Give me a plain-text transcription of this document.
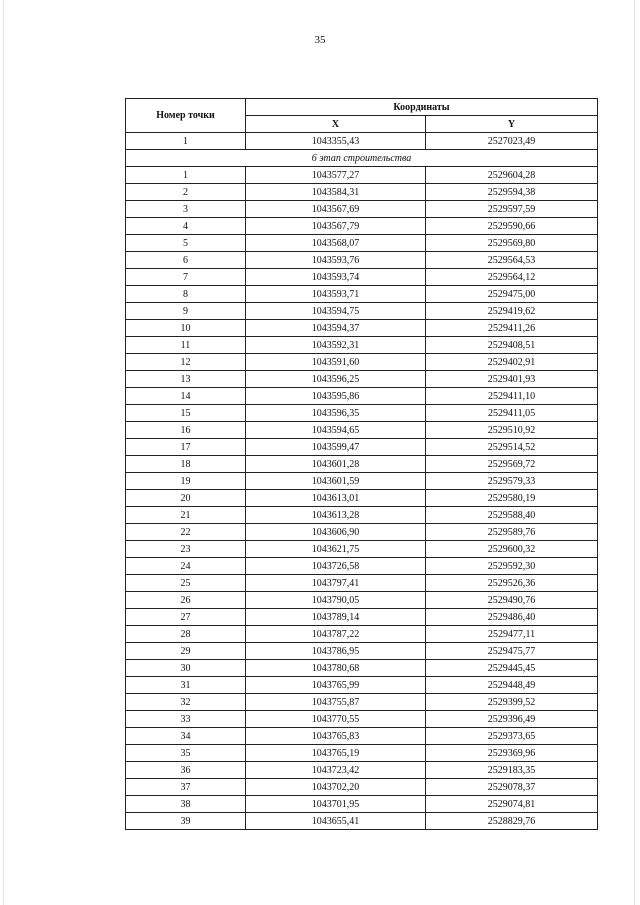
35
Номер точки	Координаты	
	X	Y
1	1043355,43	2527023,49
6 этап строительства		
1	1043577,27	2529604,28
2	1043584,31	2529594,38
3	1043567,69	2529597,59
4	1043567,79	2529590,66
5	1043568,07	2529569,80
6	1043593,76	2529564,53
7	1043593,74	2529564,12
8	1043593,71	2529475,00
9	1043594,75	2529419,62
10	1043594,37	2529411,26
11	1043592,31	2529408,51
12	1043591,60	2529402,91
13	1043596,25	2529401,93
14	1043595,86	2529411,10
15	1043596,35	2529411,05
16	1043594,65	2529510,92
17	1043599,47	2529514,52
18	1043601,28	2529569,72
19	1043601,59	2529579,33
20	1043613,01	2529580,19
21	1043613,28	2529588,40
22	1043606,90	2529589,76
23	1043621,75	2529600,32
24	1043726,58	2529592,30
25	1043797,41	2529526,36
26	1043790,05	2529490,76
27	1043789,14	2529486,40
28	1043787,22	2529477,11
29	1043786,95	2529475,77
30	1043780,68	2529445,45
31	1043765,99	2529448,49
32	1043755,87	2529399,52
33	1043770,55	2529396,49
34	1043765,83	2529373,65
35	1043765,19	2529369,96
36	1043723,42	2529183,35
37	1043702,20	2529078,37
38	1043701,95	2529074,81
39	1043655,41	2528829,76
